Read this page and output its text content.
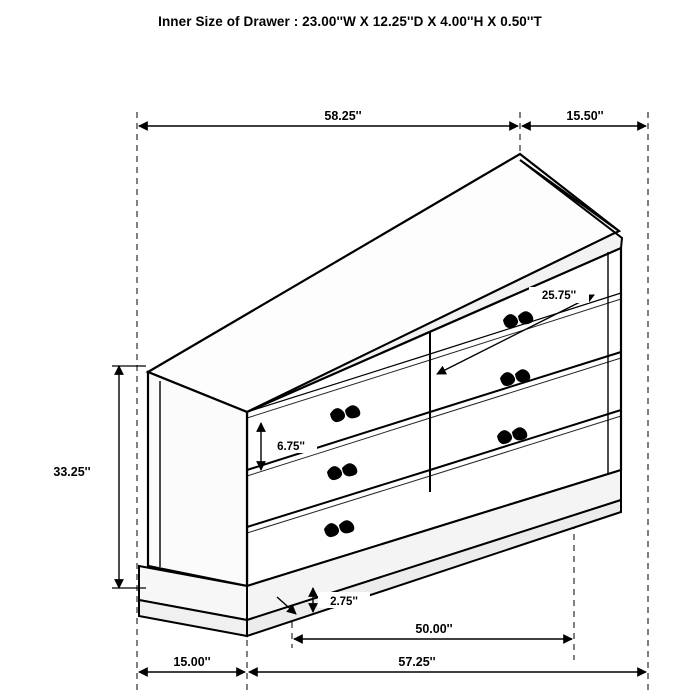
Inner Size of Drawer : 23.00''W X 12.25''D X 4.00''H X 0.50''T
58.25''	15.50''
25.75''
6.75''
33.25''
2.75''
50.00''
15.00''	57.25''
